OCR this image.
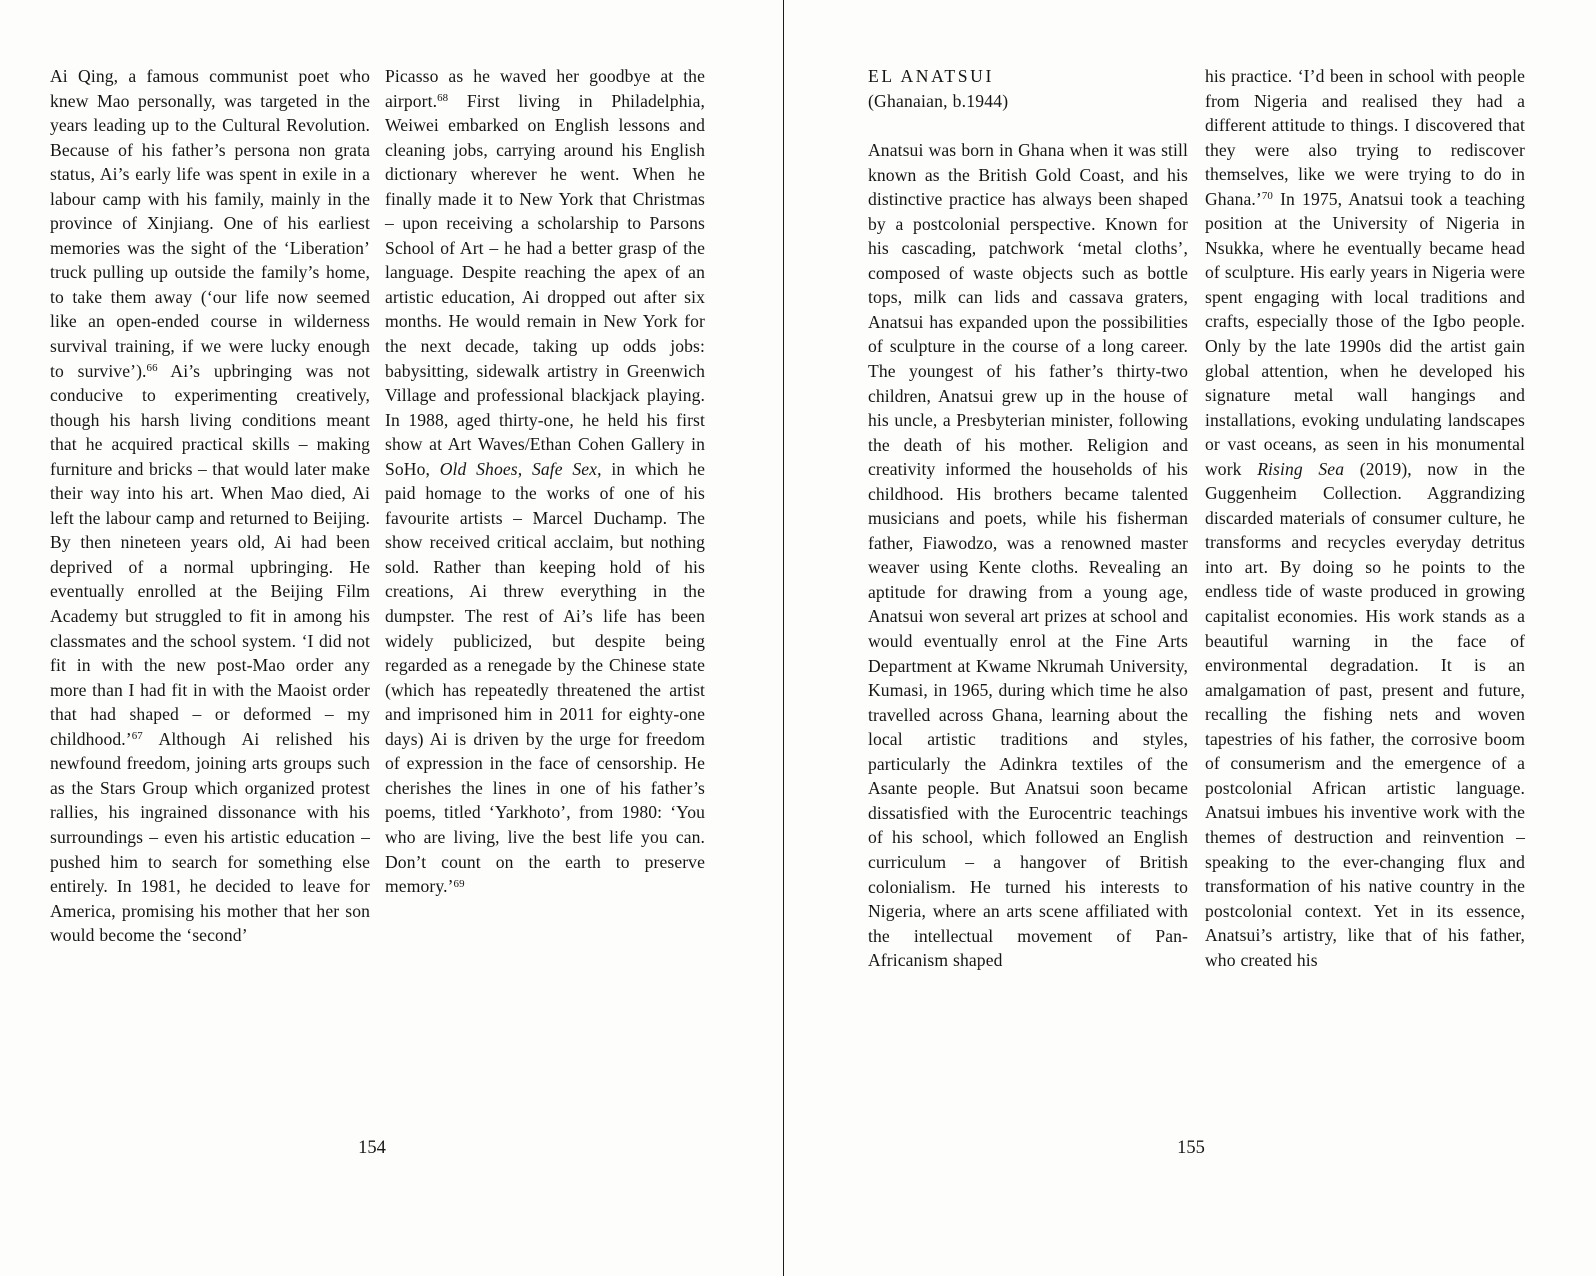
Ai Qing, a famous communist poet who knew Mao personally, was targeted in the years leading up to the Cultural Revolution. Because of his father’s persona non grata status, Ai’s early life was spent in exile in a labour camp with his family, mainly in the province of Xinjiang. One of his earliest memories was the sight of the ‘Liberation’ truck pulling up outside the family’s home, to take them away (‘our life now seemed like an open-ended course in wilderness survival training, if we were lucky enough to survive’).$^{66}$ Ai’s upbringing was not conducive to experimenting creatively, though his harsh living conditions meant that he acquired practical skills – making furniture and bricks – that would later make their way into his art. When Mao died, Ai left the labour camp and returned to Beijing. By then nineteen years old, Ai had been deprived of a normal upbringing. He eventually enrolled at the Beijing Film Academy but struggled to fit in among his classmates and the school system. ‘I did not fit in with the new post-Mao order any more than I had fit in with the Maoist order that had shaped – or deformed – my childhood.’$^{67}$ Although Ai relished his newfound freedom, joining arts groups such as the Stars Group which organized protest rallies, his ingrained dissonance with his surroundings – even his artistic education – pushed him to search for something else entirely. In 1981, he decided to leave for America, promising his mother that her son would become the ‘second’
Picasso as he waved her goodbye at the airport.$^{68}$ First living in Philadelphia, Weiwei embarked on English lessons and cleaning jobs, carrying around his English dictionary wherever he went. When he finally made it to New York that Christmas – upon receiving a scholarship to Parsons School of Art – he had a better grasp of the language. Despite reaching the apex of an artistic education, Ai dropped out after six months. He would remain in New York for the next decade, taking up odds jobs: babysitting, sidewalk artistry in Greenwich Village and professional blackjack playing. In 1988, aged thirty-one, he held his first show at Art Waves/Ethan Cohen Gallery in SoHo, Old Shoes, Safe Sex, in which he paid homage to the works of one of his favourite artists – Marcel Duchamp. The show received critical acclaim, but nothing sold. Rather than keeping hold of his creations, Ai threw everything in the dumpster. The rest of Ai’s life has been widely publicized, but despite being regarded as a renegade by the Chinese state (which has repeatedly threatened the artist and imprisoned him in 2011 for eighty-one days) Ai is driven by the urge for freedom of expression in the face of censorship. He cherishes the lines in one of his father’s poems, titled ‘Yarkhoto’, from 1980: ‘You who are living, live the best life you can. Don’t count on the earth to preserve memory.’$^{69}$
154
EL ANATSUI
(Ghanaian, b.1944)
Anatsui was born in Ghana when it was still known as the British Gold Coast, and his distinctive practice has always been shaped by a postcolonial perspective. Known for his cascading, patchwork ‘metal cloths’, composed of waste objects such as bottle tops, milk can lids and cassava graters, Anatsui has expanded upon the possibilities of sculpture in the course of a long career. The youngest of his father’s thirty-two children, Anatsui grew up in the house of his uncle, a Presbyterian minister, following the death of his mother. Religion and creativity informed the households of his childhood. His brothers became talented musicians and poets, while his fisherman father, Fiawodzo, was a renowned master weaver using Kente cloths. Revealing an aptitude for drawing from a young age, Anatsui won several art prizes at school and would eventually enrol at the Fine Arts Department at Kwame Nkrumah University, Kumasi, in 1965, during which time he also travelled across Ghana, learning about the local artistic traditions and styles, particularly the Adinkra textiles of the Asante people. But Anatsui soon became dissatisfied with the Eurocentric teachings of his school, which followed an English curriculum – a hangover of British colonialism. He turned his interests to Nigeria, where an arts scene affiliated with the intellectual movement of Pan-Africanism shaped
his practice. ‘I’d been in school with people from Nigeria and realised they had a different attitude to things. I discovered that they were also trying to rediscover themselves, like we were trying to do in Ghana.’$^{70}$ In 1975, Anatsui took a teaching position at the University of Nigeria in Nsukka, where he eventually became head of sculpture. His early years in Nigeria were spent engaging with local traditions and crafts, especially those of the Igbo people. Only by the late 1990s did the artist gain global attention, when he developed his signature metal wall hangings and installations, evoking undulating landscapes or vast oceans, as seen in his monumental work Rising Sea (2019), now in the Guggenheim Collection. Aggrandizing discarded materials of consumer culture, he transforms and recycles everyday detritus into art. By doing so he points to the endless tide of waste produced in growing capitalist economies. His work stands as a beautiful warning in the face of environmental degradation. It is an amalgamation of past, present and future, recalling the fishing nets and woven tapestries of his father, the corrosive boom of consumerism and the emergence of a postcolonial African artistic language. Anatsui imbues his inventive work with the themes of destruction and reinvention – speaking to the ever-changing flux and transformation of his native country in the postcolonial context. Yet in its essence, Anatsui’s artistry, like that of his father, who created his
155
